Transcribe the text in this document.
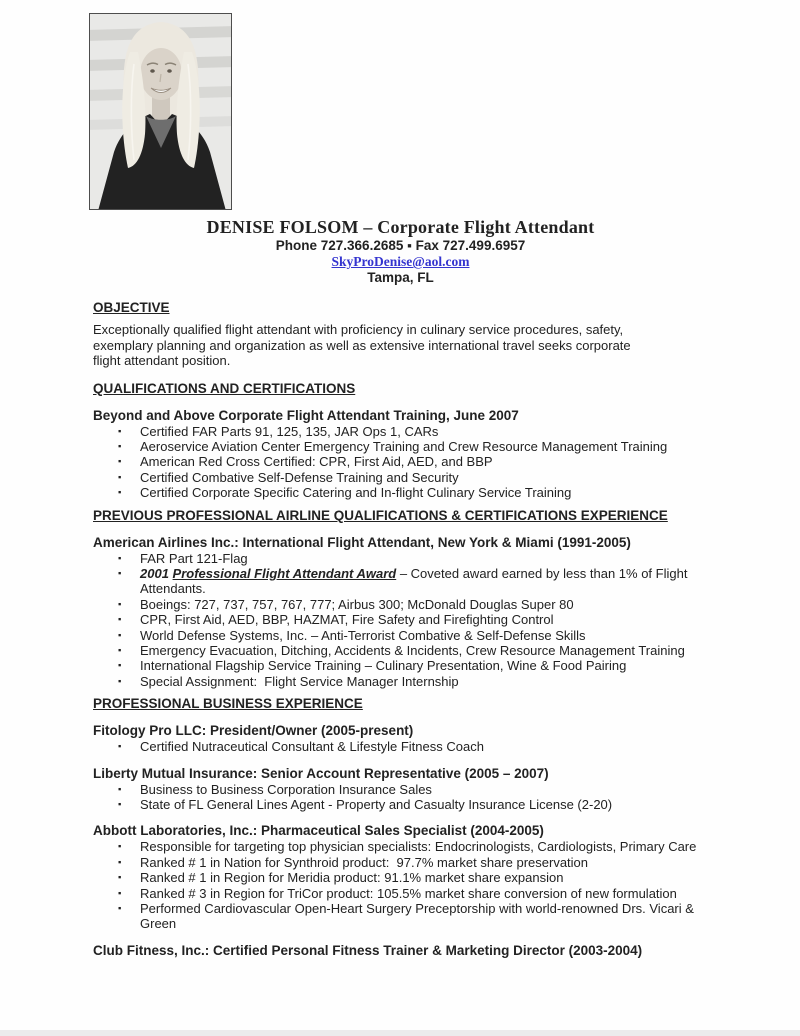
DENISE FOLSOM – Corporate Flight Attendant
Phone 727.366.2685 ▪ Fax 727.499.6957
SkyProDenise@aol.com
Tampa, FL
OBJECTIVE

Exceptionally qualified flight attendant with proficiency in culinary service procedures, safety, exemplary planning and organization as well as extensive international travel seeks corporate flight attendant position.

QUALIFICATIONS AND CERTIFICATIONS
Beyond and Above Corporate Flight Attendant Training, June 2007
▪ Certified FAR Parts 91, 125, 135, JAR Ops 1, CARs
▪ Aeroservice Aviation Center Emergency Training and Crew Resource Management Training
▪ American Red Cross Certified: CPR, First Aid, AED, and BBP
▪ Certified Combative Self-Defense Training and Security
▪ Certified Corporate Specific Catering and In-flight Culinary Service Training
PREVIOUS PROFESSIONAL AIRLINE QUALIFICATIONS & CERTIFICATIONS EXPERIENCE
American Airlines Inc.: International Flight Attendant, New York & Miami (1991-2005)
▪ FAR Part 121-Flag
▪ 2001 Professional Flight Attendant Award – Coveted award earned by less than 1% of Flight Attendants.
▪ Boeings: 727, 737, 757, 767, 777; Airbus 300; McDonald Douglas Super 80
▪ CPR, First Aid, AED, BBP, HAZMAT, Fire Safety and Firefighting Control
▪ World Defense Systems, Inc. – Anti-Terrorist Combative & Self-Defense Skills
▪ Emergency Evacuation, Ditching, Accidents & Incidents, Crew Resource Management Training
▪ International Flagship Service Training – Culinary Presentation, Wine & Food Pairing
▪ Special Assignment:  Flight Service Manager Internship
PROFESSIONAL BUSINESS EXPERIENCE
Fitology Pro LLC: President/Owner (2005-present)
▪ Certified Nutraceutical Consultant & Lifestyle Fitness Coach
Liberty Mutual Insurance: Senior Account Representative (2005 – 2007)
▪ Business to Business Corporation Insurance Sales
▪ State of FL General Lines Agent - Property and Casualty Insurance License (2-20)
Abbott Laboratories, Inc.: Pharmaceutical Sales Specialist (2004-2005)
▪ Responsible for targeting top physician specialists: Endocrinologists, Cardiologists, Primary Care
▪ Ranked # 1 in Nation for Synthroid product:  97.7% market share preservation
▪ Ranked # 1 in Region for Meridia product: 91.1% market share expansion
▪ Ranked # 3 in Region for TriCor product: 105.5% market share conversion of new formulation
▪ Performed Cardiovascular Open-Heart Surgery Preceptorship with world-renowned Drs. Vicari & Green
Club Fitness, Inc.: Certified Personal Fitness Trainer & Marketing Director (2003-2004)
